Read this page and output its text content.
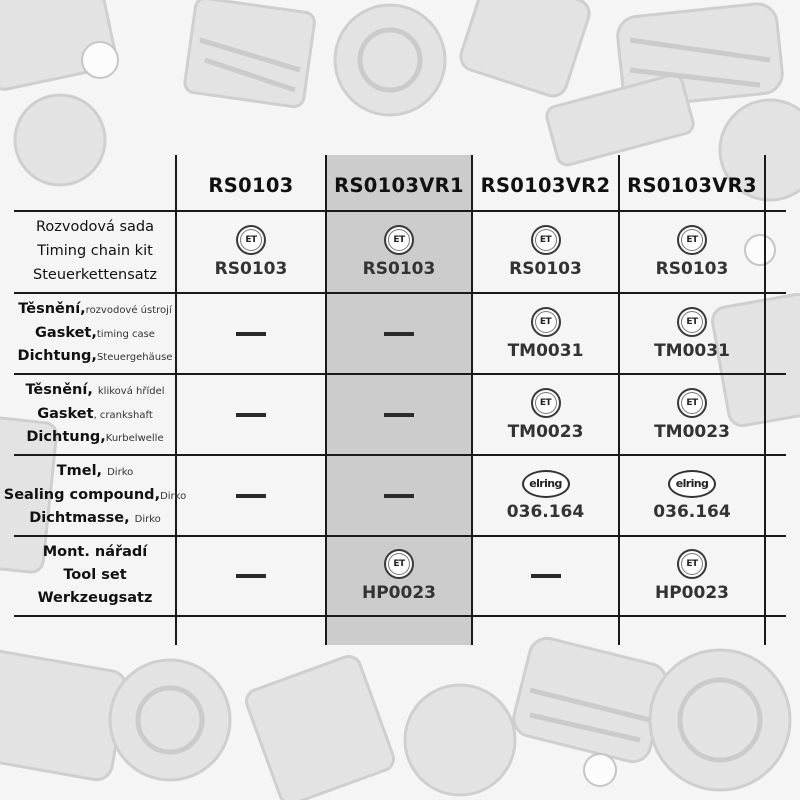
RS0103	RS0103VR1 RS0103VR2 RS0103VR3
Rozvodová sada
Timing chain kit
Steuerkettensatz
ET
RS0103
ET
RS0103
ET
RS0103
ET
RS0103
Těsnění,rozvodové ústrojí
Gasket,timing case
Dichtung,Steuergehäuse
ET
TM0031
ET
TM0031
Těsnění, kliková hřídel
Gasket, crankshaft
Dichtung,Kurbelwelle
ET
TM0023
ET
TM0023
Tmel, Dirko
Sealing compound,Dirko
Dichtmasse, Dirko
elring
036.164
elring
036.164
Mont. nářadí
Tool set
Werkzeugsatz
ET
HP0023
ET
HP0023
